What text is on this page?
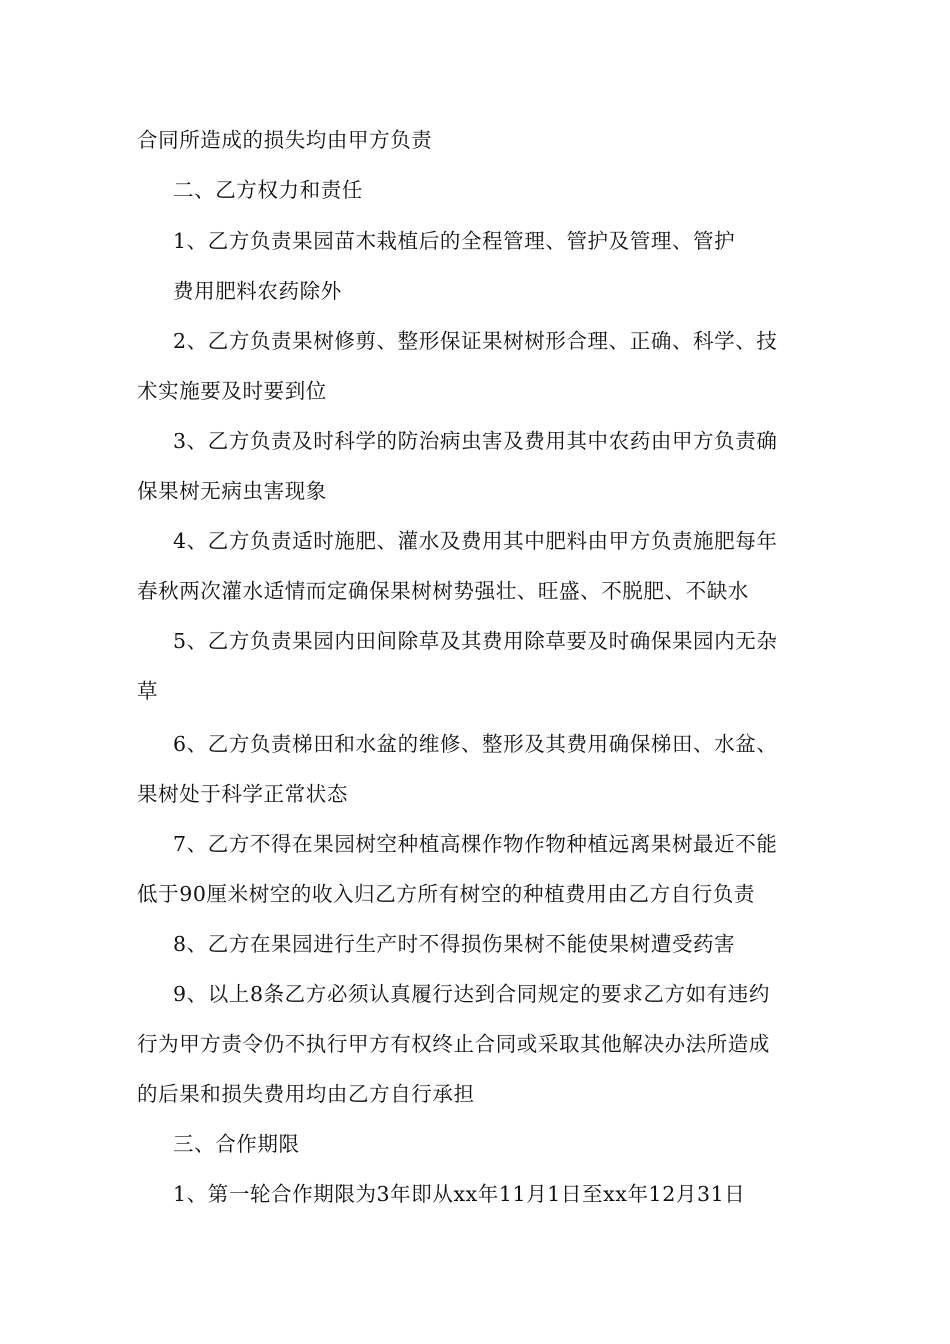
合同所造成的损失均由甲方负责
二、乙方权力和责任
1、乙方负责果园苗木栽植后的全程管理、管护及管理、管护
费用肥料农药除外
2、乙方负责果树修剪、整形保证果树树形合理、正确、科学、技
术实施要及时要到位
3、乙方负责及时科学的防治病虫害及费用其中农药由甲方负责确
保果树无病虫害现象
4、乙方负责适时施肥、灌水及费用其中肥料由甲方负责施肥每年
春秋两次灌水适情而定确保果树树势强壮、旺盛、不脱肥、不缺水
5、乙方负责果园内田间除草及其费用除草要及时确保果园内无杂
草
6、乙方负责梯田和水盆的维修、整形及其费用确保梯田、水盆、
果树处于科学正常状态
7、乙方不得在果园树空种植高棵作物作物种植远离果树最近不能
低于90厘米树空的收入归乙方所有树空的种植费用由乙方自行负责
8、乙方在果园进行生产时不得损伤果树不能使果树遭受药害
9、以上8条乙方必须认真履行达到合同规定的要求乙方如有违约
行为甲方责令仍不执行甲方有权终止合同或采取其他解决办法所造成
的后果和损失费用均由乙方自行承担
三、合作期限
1、第一轮合作期限为3年即从xx年11月1日至xx年12月31日
